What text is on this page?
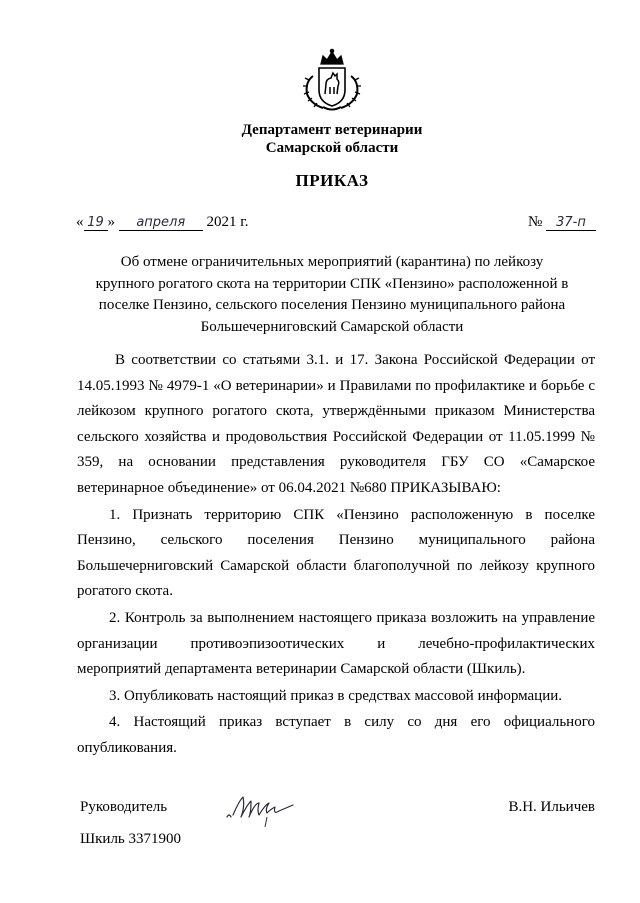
Департамент ветеринарии
Самарской области
ПРИКАЗ
« 19 » апреля 2021 г.	№ 37-п
Об отмене ограничительных мероприятий (карантина) по лейкозу крупного рогатого скота на территории СПК «Пензино» расположенной в поселке Пензино, сельского поселения Пензино муниципального района Большечерниговский Самарской области

В соответствии со статьями 3.1. и 17. Закона Российской Федерации от 14.05.1993 № 4979-1 «О ветеринарии» и Правилами по профилактике и борьбе с лейкозом крупного рогатого скота, утверждёнными приказом Министерства сельского хозяйства и продовольствия Российской Федерации от 11.05.1999 № 359, на основании представления руководителя ГБУ СО «Самарское ветеринарное объединение» от 06.04.2021 №680 ПРИКАЗЫВАЮ:

1. Признать территорию СПК «Пензино расположенную в поселке Пензино, сельского поселения Пензино муниципального района Большечерниговский Самарской области благополучной по лейкозу крупного рогатого скота.

2. Контроль за выполнением настоящего приказа возложить на управление организации противоэпизоотических и лечебно-профилактических мероприятий департамента ветеринарии Самарской области (Шкиль).

3. Опубликовать настоящий приказ в средствах массовой информации.

4. Настоящий приказ вступает в силу со дня его официального опубликования.

Руководитель	В.Н. Ильичев
Шкиль 3371900
